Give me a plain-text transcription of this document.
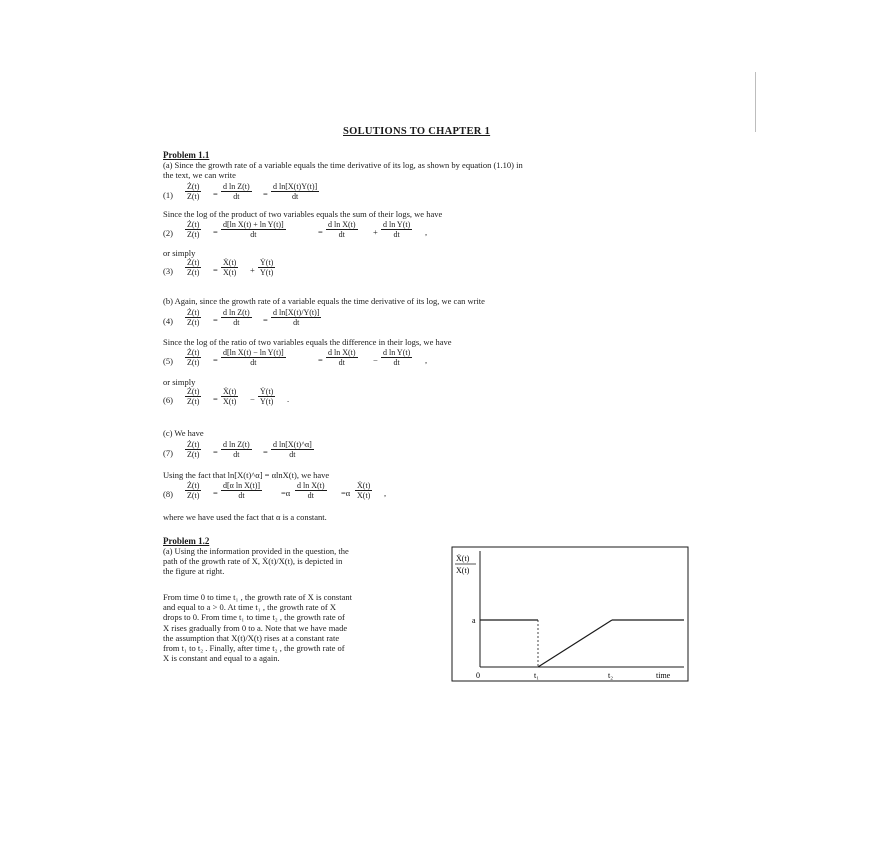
SOLUTIONS TO CHAPTER 1
Problem 1.1
(a) Since the growth rate of a variable equals the time derivative of its log, as shown by equation (1.10) in
the text, we can write
$(1) \frac{Ż(t)}{Z(t)} = \frac{\text{d ln Z(t)}}{dt} = \frac{\text{d ln[X(t)Y(t)]}}{dt}$
Since the log of the product of two variables equals the sum of their logs, we have
$(2) \frac{Ż(t)}{Z(t)} = \frac{\text{d[ln X(t) + ln Y(t)]}}{dt}$	= $\frac{\text{d ln X(t)}}{dt} + \frac{\text{d ln Y(t)}}{dt}$ ,
or simply
$(3) \frac{Ż(t)}{Z(t)} = \frac{\text{Ẋ(t)}}{X(t)} + \frac{\text{Ẏ(t)}}{Y(t)}$
(b) Again, since the growth rate of a variable equals the time derivative of its log, we can write
$(4) \frac{Ż(t)}{Z(t)} = \frac{\text{d ln Z(t)}}{dt} = \frac{\text{d ln[X(t)/Y(t)]}}{dt}$
Since the log of the ratio of two variables equals the difference in their logs, we have
$(5) \frac{Ż(t)}{Z(t)} = \frac{\text{d[ln X(t) − ln Y(t)]}}{dt}$	= $\frac{\text{d ln X(t)}}{dt} - \frac{\text{d ln Y(t)}}{dt}$ ,
or simply
$(6) \frac{Ż(t)}{Z(t)} = \frac{\text{Ẋ(t)}}{X(t)} - \frac{\text{Ẏ(t)}}{Y(t)}$ .
(c) We have
$(7) \frac{Ż(t)}{Z(t)} = \frac{\text{d ln Z(t)}}{dt} = \frac{\text{d ln[X(t)\textasciicircum{}α]}}{dt}$
Using the fact that ln[X(t)^α] = αlnX(t), we have
$(8) \frac{Ż(t)}{Z(t)} = \frac{\text{d[α ln X(t)]}}{dt} =\alpha \frac{\text{d ln X(t)}}{dt} =\alpha \frac{\text{Ẋ(t)}}{X(t)}$ ,
where we have used the fact that α is a constant.
Problem 1.2
(a) Using the information provided in the question, the
path of the growth rate of X, Ẋ(t)/X(t), is depicted in
the figure at right.
From time 0 to time t₁ , the growth rate of X is constant
and equal to a > 0. At time t₁ , the growth rate of X
drops to 0. From time t₁ to time t₂ , the growth rate of
X rises gradually from 0 to a. Note that we have made
the assumption that X(t)/X(t) rises at a constant rate
from t₁ to t₂ . Finally, after time t₂ , the growth rate of
X is constant and equal to a again.
Ẋ(t)
X(t)
a
0	t₁	t₂	time
